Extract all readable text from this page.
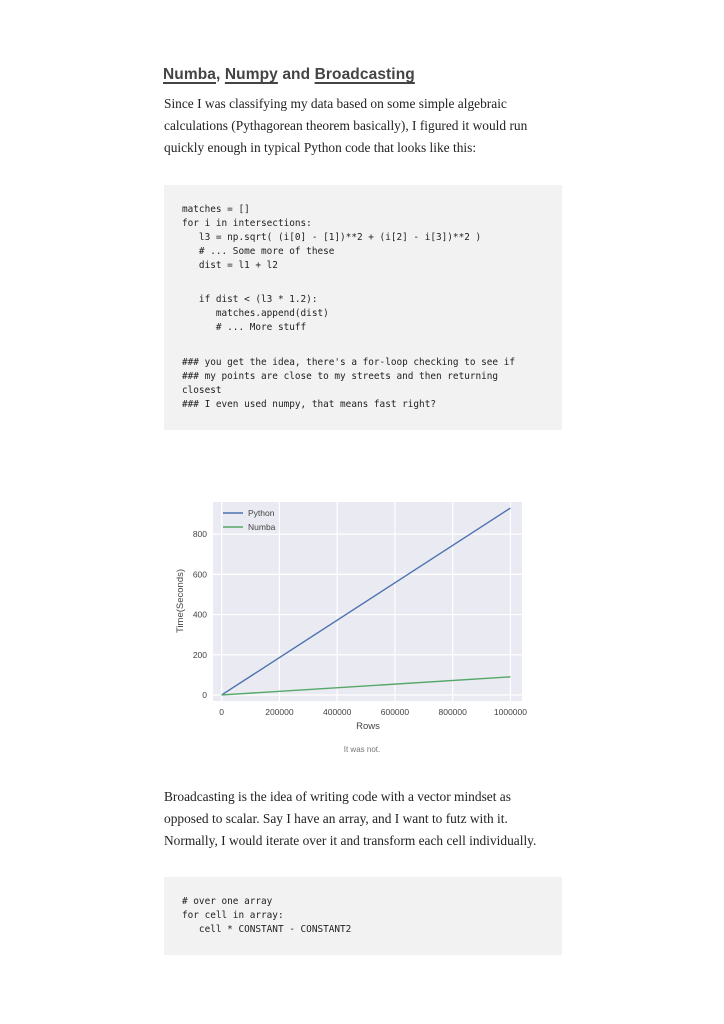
Numba, Numpy and Broadcasting
Since I was classifying my data based on some simple algebraic
calculations (Pythagorean theorem basically), I figured it would run
quickly enough in typical Python code that looks like this:
matches = []
for i in intersections:
l3 = np.sqrt( (i[0] - [1])**2 + (i[2] - i[3])**2 )
# ... Some more of these
dist = l1 + l2
if dist < (l3 * 1.2):
matches.append(dist)
# ... More stuff
### you get the idea, there's a for-loop checking to see if
### my points are close to my streets and then returning
closest
### I even used numpy, that means fast right?
0	200000	400000	600000	800000	1000000
0
200
400
600
800
Rows
Time(Seconds)
Python
Numba
It was not.
Broadcasting is the idea of writing code with a vector mindset as
opposed to scalar. Say I have an array, and I want to futz with it.
Normally, I would iterate over it and transform each cell individually.
# over one array
for cell in array:
cell * CONSTANT - CONSTANT2
